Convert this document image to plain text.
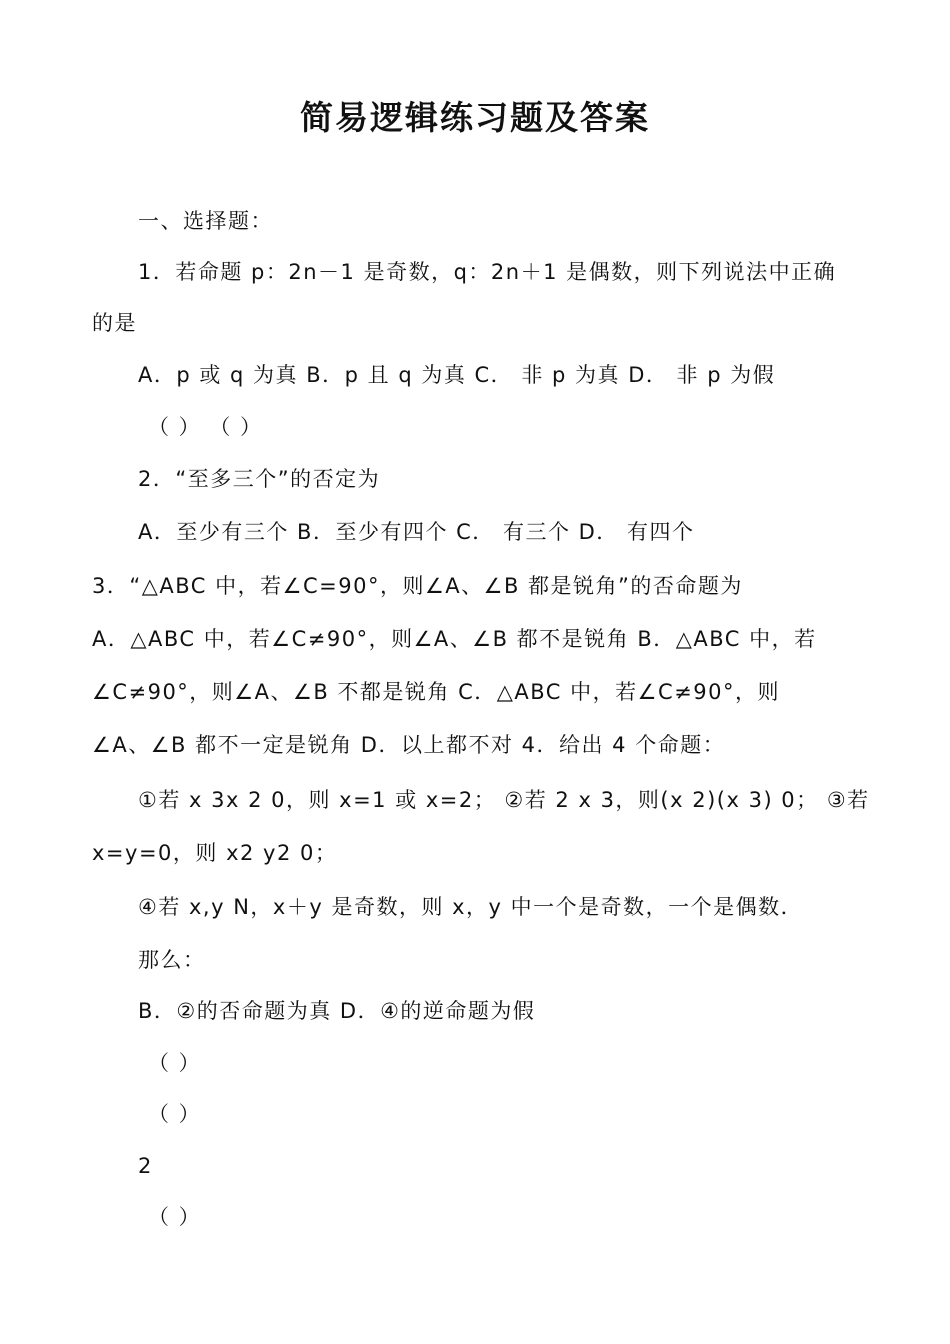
简易逻辑练习题及答案
一、选择题：
1．若命题 p：2n－1 是奇数，q：2n＋1 是偶数，则下列说法中正确
的是
A．p 或 q 为真 B．p 且 q 为真 C． 非 p 为真 D． 非 p 为假
（ ） （ ）
2．“至多三个”的否定为
A．至少有三个 B．至少有四个 C． 有三个 D． 有四个
3．“△ABC 中，若∠C=90°，则∠A、∠B 都是锐角”的否命题为
A．△ABC 中，若∠C≠90°，则∠A、∠B 都不是锐角 B．△ABC 中，若
∠C≠90°，则∠A、∠B 不都是锐角 C．△ABC 中，若∠C≠90°，则
∠A、∠B 都不一定是锐角 D．以上都不对 4．给出 4 个命题：
①若 x 3x 2 0，则 x=1 或 x=2； ②若 2 x 3，则(x 2)(x 3) 0； ③若
x=y=0，则 x2 y2 0；
④若 x,y N，x＋y 是奇数，则 x，y 中一个是奇数，一个是偶数．
那么：
B．②的否命题为真 D．④的逆命题为假
（ ）
（ ）
2
（ ）
